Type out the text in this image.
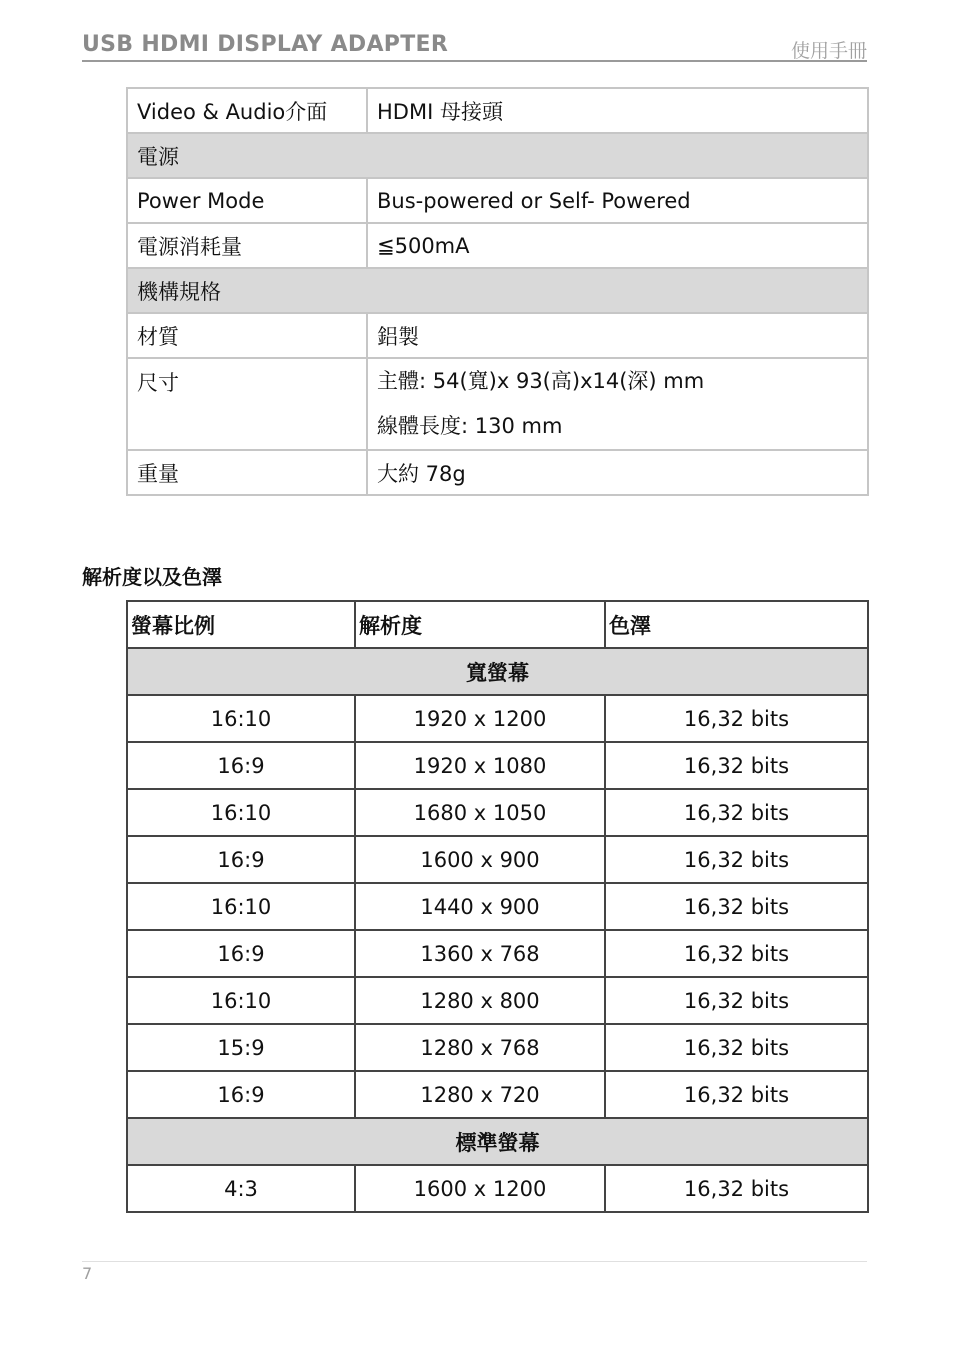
USB HDMI DISPLAY ADAPTER	使用手冊
Video & Audio介面	HDMI 母接頭
電源	
Power Mode	Bus-powered or Self- Powered
電源消耗量	≦500mA
機構規格	
材質	鋁製
尺寸	主體: 54(寬)x 93(高)x14(深) mm
線體長度: 130 mm

重量	大約 78g
解析度以及色澤
螢幕比例	解析度	色澤
寬螢幕		
16:10	1920 x 1200	16,32 bits
16:9	1920 x 1080	16,32 bits
16:10	1680 x 1050	16,32 bits
16:9	1600 x 900	16,32 bits
16:10	1440 x 900	16,32 bits
16:9	1360 x 768	16,32 bits
16:10	1280 x 800	16,32 bits
15:9	1280 x 768	16,32 bits
16:9	1280 x 720	16,32 bits
標準螢幕		
4:3	1600 x 1200	16,32 bits
7
